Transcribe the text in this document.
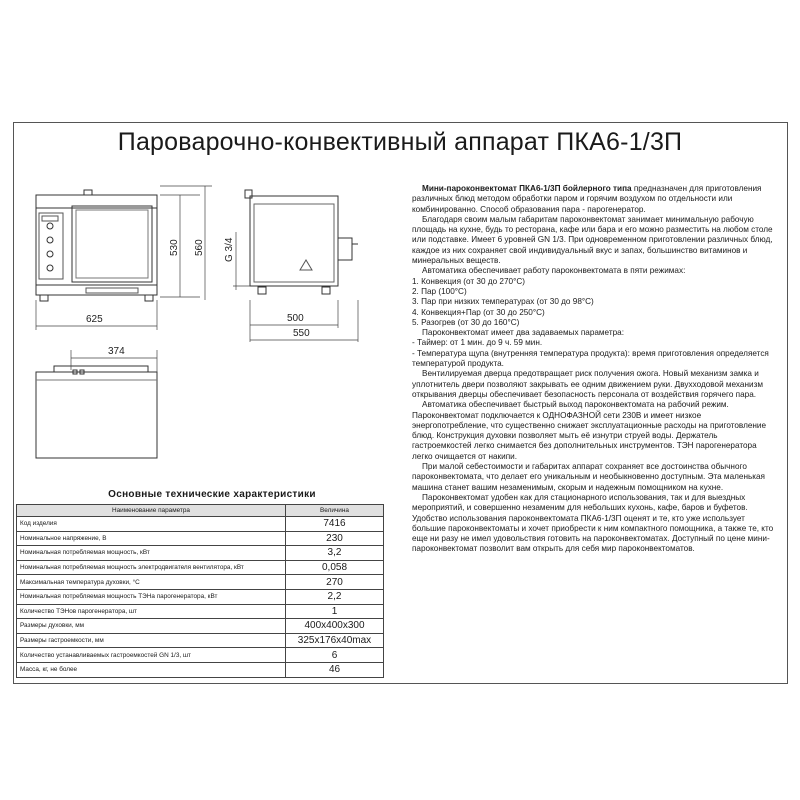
Пароварочно-конвективный аппарат ПКА6-1/3П
625
530 560
500
550
G 3/4
374

Мини-пароконвектомат ПКА6-1/3П бойлерного типа предназначен для приготовления различных блюд методом обработки паром и горячим воздухом по отдельности или комбинированно. Способ образования пара - парогенератор.

Благодаря своим малым габаритам пароконвектомат занимает минимальную рабочую площадь на кухне, будь то ресторана, кафе или бара и его можно разместить на любом столе или подставке. Имеет 6 уровней GN 1/3. При одновременном приготовлении различных блюд, каждое из них сохраняет свой индивидуальный вкус и запах, большинство витаминов и минеральных веществ.

Автоматика обеспечивает работу пароконвектомата в пяти режимах:

1. Конвекция (от 30 до 270°С)

2. Пар (100°С)

3. Пар при низких температурах (от 30 до 98°С)

4. Конвекция+Пар (от 30 до 250°С)

5. Разогрев (от 30 до 160°С)

Пароконвектомат имеет два задаваемых параметра:

- Таймер: от 1 мин. до 9 ч. 59 мин.

- Температура щупа (внутренняя температура продукта): время приготовления определяется температурой продукта.

Вентилируемая дверца предотвращает риск получения ожога. Новый механизм замка и уплотнитель двери позволяют закрывать ее одним движением руки. Двухходовой механизм открывания дверцы обеспечивает безопасность персонала от воздействия горячего пара.

Автоматика обеспечивает быстрый выход пароконвектомата на рабочий режим. Пароконвектомат подключается к ОДНОФАЗНОЙ сети 230В и имеет низкое энергопотребление, что существенно снижает эксплуатационные расходы на приготовление блюд. Конструкция духовки позволяет мыть её изнутри струей воды. Держатель гастроемкостей легко снимается без дополнительных инструментов. ТЭН парогенератора легко очищается от накипи.

При малой себестоимости и габаритах аппарат сохраняет все достоинства обычного пароконвектомата, что делает его уникальным и необыкновенно доступным. Эта маленькая машина станет вашим незаменимым, скорым и надежным помощником на кухне.

Пароконвектомат удобен как для стационарного использования, так и для выездных мероприятий, и совершенно незаменим для небольших кухонь, кафе, баров и буфетов. Удобство использования пароконвектомата ПКА6-1/3П оценят и те, кто уже использует большие пароконвектоматы и хочет приобрести к ним компактного помощника, а также те, кто еще ни разу не имел удовольствия готовить на пароконвектоматах. Доступный по цене мини-пароконвектомат позволит вам открыть для себя мир пароконвектоматов.

Основные технические характеристики
Наименование параметра	Величина
Код изделия	7416
Номинальное напряжение, В	230
Номинальная потребляемая мощность, кВт	3,2
Номинальная потребляемая мощность электродвигателя вентилятора, кВт	0,058
Максимальная температура духовки, °С	270
Номинальная потребляемая мощность ТЭНа парогенератора, кВт	2,2
Количество ТЭНов парогенератора, шт	1
Размеры духовки, мм	400х400х300
Размеры гастроемкости, мм	325х176х40max
Количество устанавливаемых гастроемкостей GN 1/3, шт	6
Масса, кг, не более	46
